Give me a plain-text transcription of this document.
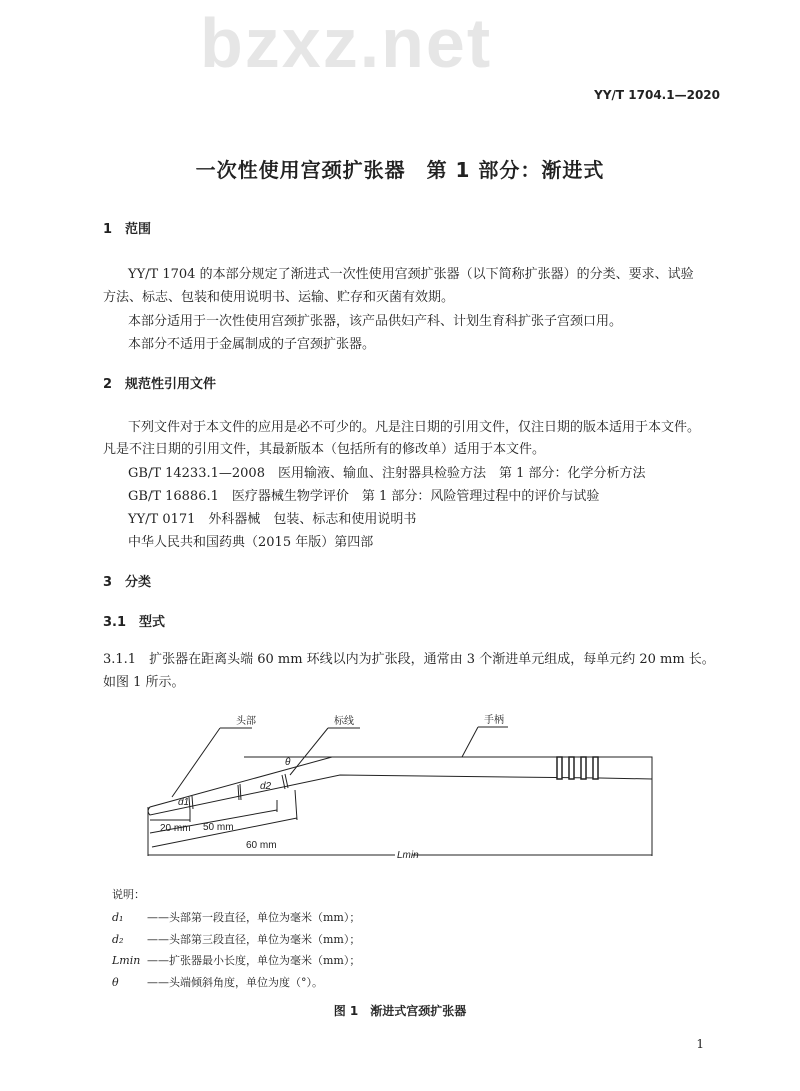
bzxz.net
YY/T 1704.1—2020
一次性使用宫颈扩张器　第 1 部分：渐进式
1　范围
YY/T 1704 的本部分规定了渐进式一次性使用宫颈扩张器（以下简称扩张器）的分类、要求、试验
方法、标志、包装和使用说明书、运输、贮存和灭菌有效期。
本部分适用于一次性使用宫颈扩张器，该产品供妇产科、计划生育科扩张子宫颈口用。
本部分不适用于金属制成的子宫颈扩张器。
2　规范性引用文件
下列文件对于本文件的应用是必不可少的。凡是注日期的引用文件，仅注日期的版本适用于本文件。
凡是不注日期的引用文件，其最新版本（包括所有的修改单）适用于本文件。
GB/T 14233.1—2008　医用输液、输血、注射器具检验方法　第 1 部分：化学分析方法
GB/T 16886.1　医疗器械生物学评价　第 1 部分：风险管理过程中的评价与试验
YY/T 0171　外科器械　包装、标志和使用说明书
中华人民共和国药典（2015 年版）第四部
3　分类
3.1　型式
3.1.1　扩张器在距离头端 60 mm 环线以内为扩张段，通常由 3 个渐进单元组成，每单元约 20 mm 长。
如图 1 所示。
头部	标线	手柄
θ
d1
d2
20 mm 50 mm
60 mm
Lmin
说明：
d₁ ——头部第一段直径，单位为毫米（mm）；
d₂ ——头部第三段直径，单位为毫米（mm）；
Lmin ——扩张器最小长度，单位为毫米（mm）；
θ	——头端倾斜角度，单位为度（°）。
图 1　渐进式宫颈扩张器
1
